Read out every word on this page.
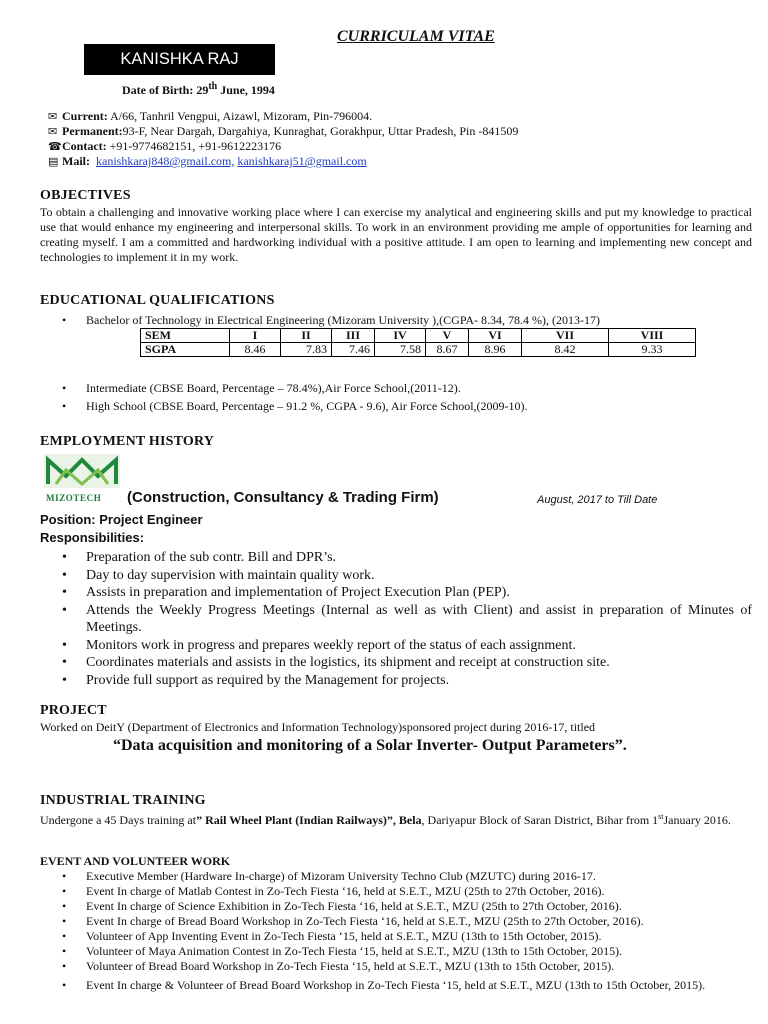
CURRICULAM VITAE
KANISHKA RAJ
Date of Birth: 29th June, 1994
✉ Current: A/66, Tanhril Vengpui, Aizawl, Mizoram, Pin-796004.
✉ Permanent:93-F, Near Dargah, Dargahiya, Kunraghat, Gorakhpur, Uttar Pradesh, Pin -841509
☎Contact: +91-9774682151, +91-9612223176
▤ Mail: kanishkaraj848@gmail.com, kanishkaraj51@gmail.com
OBJECTIVES
To obtain a challenging and innovative working place where I can exercise my analytical and engineering skills and put my knowledge to practical use that would enhance my engineering and interpersonal skills. To work in an environment providing me ample of opportunities for learning and creating myself. I am a committed and hardworking individual with a positive attitude. I am open to learning and implementing new concept and technologies to implement it in my work.
EDUCATIONAL QUALIFICATIONS
• Bachelor of Technology in Electrical Engineering (Mizoram University ),(CGPA- 8.34, 78.4 %), (2013-17)
SEM	I	II	III	IV	V	VI	VII	VIII
SGPA	8.46	7.83	7.46	7.58	8.67	8.96	8.42	9.33
• Intermediate (CBSE Board, Percentage – 78.4%),Air Force School,(2011-12).
• High School (CBSE Board, Percentage – 91.2 %, CGPA - 9.6), Air Force School,(2009-10).
EMPLOYMENT HISTORY
MIZOTECH (Construction, Consultancy & Trading Firm)	August, 2017 to Till Date
Position: Project Engineer
Responsibilities:
• Preparation of the sub contr. Bill and DPR’s.
• Day to day supervision with maintain quality work.
• Assists in preparation and implementation of Project Execution Plan (PEP).
• Attends the Weekly Progress Meetings (Internal as well as with Client) and assist in preparation of Minutes of Meetings.
• Monitors work in progress and prepares weekly report of the status of each assignment.
• Coordinates materials and assists in the logistics, its shipment and receipt at construction site.
• Provide full support as required by the Management for projects.
PROJECT
Worked on DeitY (Department of Electronics and Information Technology)sponsored project during 2016-17, titled
“Data acquisition and monitoring of a Solar Inverter- Output Parameters”.
INDUSTRIAL TRAINING
Undergone a 45 Days training at” Rail Wheel Plant (Indian Railways)”, Bela, Dariyapur Block of Saran District, Bihar from 1stJanuary 2016.
EVENT AND VOLUNTEER WORK
• Executive Member (Hardware In-charge) of Mizoram University Techno Club (MZUTC) during 2016-17.
• Event In charge of Matlab Contest in Zo-Tech Fiesta ‘16, held at S.E.T., MZU (25th to 27th October, 2016).
• Event In charge of Science Exhibition in Zo-Tech Fiesta ‘16, held at S.E.T., MZU (25th to 27th October, 2016).
• Event In charge of Bread Board Workshop in Zo-Tech Fiesta ‘16, held at S.E.T., MZU (25th to 27th October, 2016).
• Volunteer of App Inventing Event in Zo-Tech Fiesta ‘15, held at S.E.T., MZU (13th to 15th October, 2015).
• Volunteer of Maya Animation Contest in Zo-Tech Fiesta ‘15, held at S.E.T., MZU (13th to 15th October, 2015).
• Volunteer of Bread Board Workshop in Zo-Tech Fiesta ‘15, held at S.E.T., MZU (13th to 15th October, 2015).
• Event In charge & Volunteer of Bread Board Workshop in Zo-Tech Fiesta ‘15, held at S.E.T., MZU (13th to 15th October, 2015).
